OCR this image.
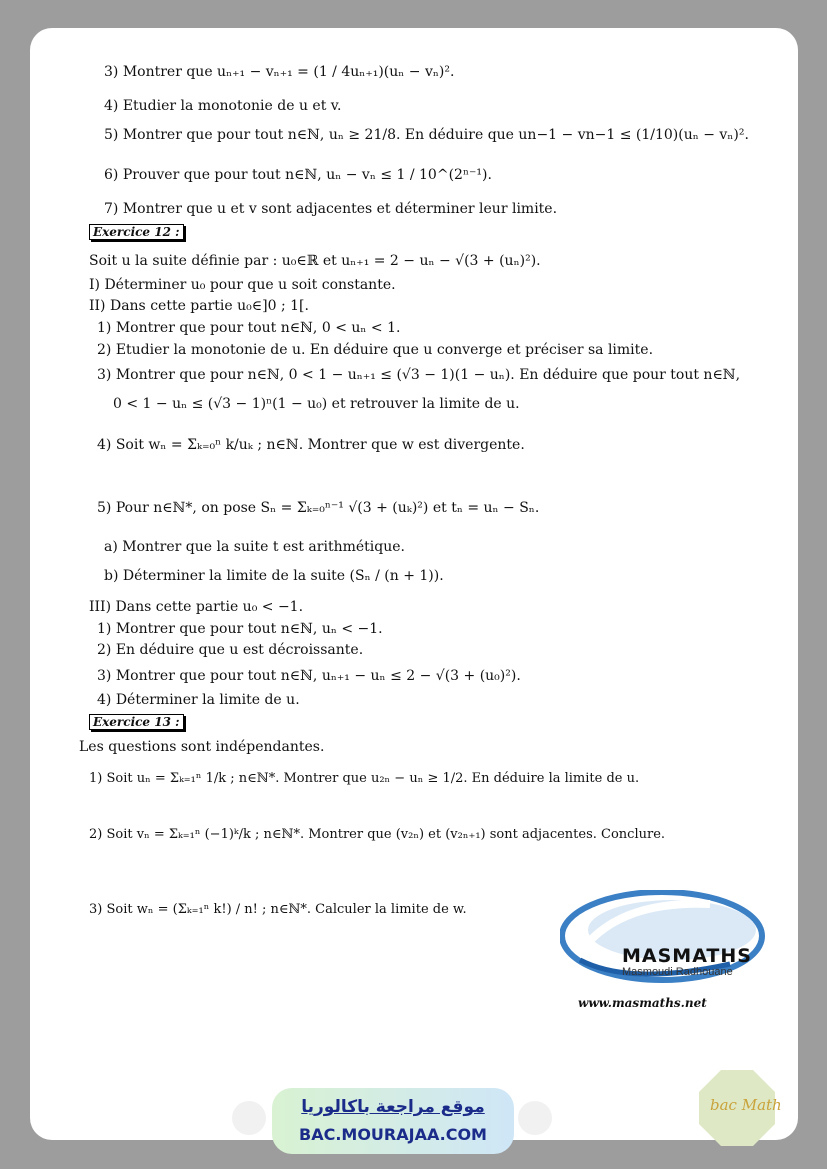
3) Montrer que uₙ₊₁ − vₙ₊₁ = (1 / 4uₙ₊₁)(uₙ − vₙ)².
4) Etudier la monotonie de u et v.
5) Montrer que pour tout n∈ℕ, uₙ ≥ 21/8. En déduire que un−1 − vn−1 ≤ (1/10)(uₙ − vₙ)².
6) Prouver que pour tout n∈ℕ, uₙ − vₙ ≤ 1 / 10^(2ⁿ⁻¹).
7) Montrer que u et v sont adjacentes et déterminer leur limite.
Exercice 12 :
Soit u la suite définie par : u₀∈ℝ et uₙ₊₁ = 2 − uₙ − √(3 + (uₙ)²).
I) Déterminer u₀ pour que u soit constante.
II) Dans cette partie u₀∈]0 ; 1[.
1) Montrer que pour tout n∈ℕ, 0 < uₙ < 1.
2) Etudier la monotonie de u. En déduire que u converge et préciser sa limite.
3) Montrer que pour n∈ℕ, 0 < 1 − uₙ₊₁ ≤ (√3 − 1)(1 − uₙ). En déduire que pour tout n∈ℕ,
0 < 1 − uₙ ≤ (√3 − 1)ⁿ(1 − u₀) et retrouver la limite de u.
4) Soit wₙ = Σₖ₌₀ⁿ k/uₖ ; n∈ℕ. Montrer que w est divergente.
5) Pour n∈ℕ*, on pose Sₙ = Σₖ₌₀ⁿ⁻¹ √(3 + (uₖ)²) et tₙ = uₙ − Sₙ.
a) Montrer que la suite t est arithmétique.
b) Déterminer la limite de la suite (Sₙ / (n + 1)).
III) Dans cette partie u₀ < −1.
1) Montrer que pour tout n∈ℕ, uₙ < −1.
2) En déduire que u est décroissante.
3) Montrer que pour tout n∈ℕ, uₙ₊₁ − uₙ ≤ 2 − √(3 + (u₀)²).
4) Déterminer la limite de u.
Exercice 13 :
Les questions sont indépendantes.
1) Soit uₙ = Σₖ₌₁ⁿ 1/k ; n∈ℕ*. Montrer que u₂ₙ − uₙ ≥ 1/2. En déduire la limite de u.
2) Soit vₙ = Σₖ₌₁ⁿ (−1)ᵏ/k ; n∈ℕ*. Montrer que (v₂ₙ) et (v₂ₙ₊₁) sont adjacentes. Conclure.
3) Soit wₙ = (Σₖ₌₁ⁿ k!) / n! ; n∈ℕ*. Calculer la limite de w.
MASMATHS
Masmoudi Radhouane
www.masmaths.net
موقع مراجعة باكالوريا
BAC.MOURAJAA.COM
bac Math
